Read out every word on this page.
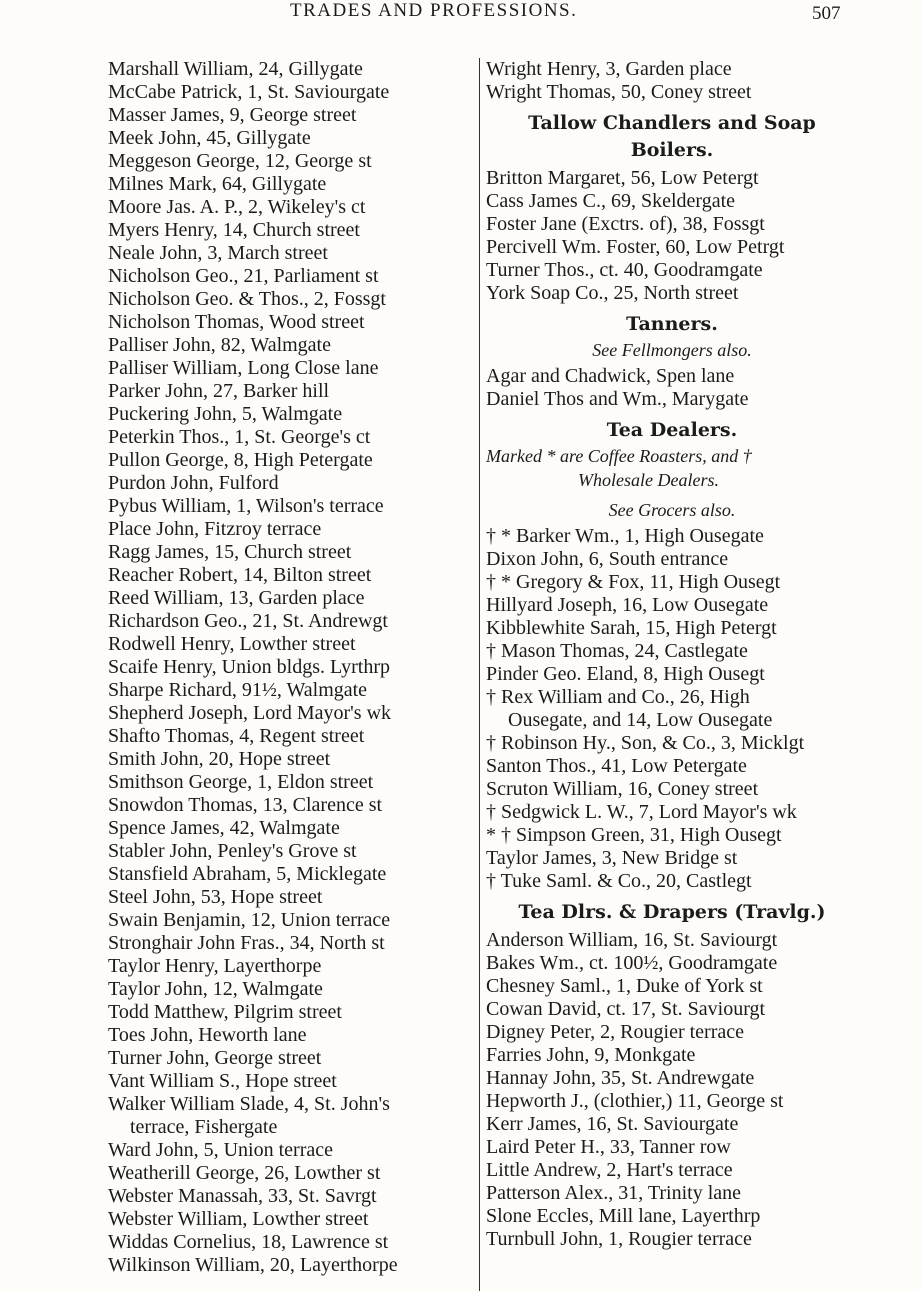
TRADES AND PROFESSIONS.	507
Marshall William, 24, Gillygate
McCabe Patrick, 1, St. Saviourgate
Masser James, 9, George street
Meek John, 45, Gillygate
Meggeson George, 12, George st
Milnes Mark, 64, Gillygate
Moore Jas. A. P., 2, Wikeley's ct
Myers Henry, 14, Church street
Neale John, 3, March street
Nicholson Geo., 21, Parliament st
Nicholson Geo. & Thos., 2, Fossgt
Nicholson Thomas, Wood street
Palliser John, 82, Walmgate
Palliser William, Long Close lane
Parker John, 27, Barker hill
Puckering John, 5, Walmgate
Peterkin Thos., 1, St. George's ct
Pullon George, 8, High Petergate
Purdon John, Fulford
Pybus William, 1, Wilson's terrace
Place John, Fitzroy terrace
Ragg James, 15, Church street
Reacher Robert, 14, Bilton street
Reed William, 13, Garden place
Richardson Geo., 21, St. Andrewgt
Rodwell Henry, Lowther street
Scaife Henry, Union bldgs. Lyrthrp
Sharpe Richard, 91½, Walmgate
Shepherd Joseph, Lord Mayor's wk
Shafto Thomas, 4, Regent street
Smith John, 20, Hope street
Smithson George, 1, Eldon street
Snowdon Thomas, 13, Clarence st
Spence James, 42, Walmgate
Stabler John, Penley's Grove st
Stansfield Abraham, 5, Micklegate
Steel John, 53, Hope street
Swain Benjamin, 12, Union terrace
Stronghair John Fras., 34, North st
Taylor Henry, Layerthorpe
Taylor John, 12, Walmgate
Todd Matthew, Pilgrim street
Toes John, Heworth lane
Turner John, George street
Vant William S., Hope street
Walker William Slade, 4, St. John's
terrace, Fishergate
Ward John, 5, Union terrace
Weatherill George, 26, Lowther st
Webster Manassah, 33, St. Savrgt
Webster William, Lowther street
Widdas Cornelius, 18, Lawrence st
Wilkinson William, 20, Layerthorpe
Wright Henry, 3, Garden place
Wright Thomas, 50, Coney street
Tallow Chandlers and Soap
Boilers.
Britton Margaret, 56, Low Petergt
Cass James C., 69, Skeldergate
Foster Jane (Exctrs. of), 38, Fossgt
Percivell Wm. Foster, 60, Low Petrgt
Turner Thos., ct. 40, Goodramgate
York Soap Co., 25, North street
Tanners.
See Fellmongers also.
Agar and Chadwick, Spen lane
Daniel Thos and Wm., Marygate
Tea Dealers.
Marked * are Coffee Roasters, and †
Wholesale Dealers.
See Grocers also.
† * Barker Wm., 1, High Ousegate
Dixon John, 6, South entrance
† * Gregory & Fox, 11, High Ousegt
Hillyard Joseph, 16, Low Ousegate
Kibblewhite Sarah, 15, High Petergt
† Mason Thomas, 24, Castlegate
Pinder Geo. Eland, 8, High Ousegt
† Rex William and Co., 26, High
Ousegate, and 14, Low Ousegate
† Robinson Hy., Son, & Co., 3, Micklgt
Santon Thos., 41, Low Petergate
Scruton William, 16, Coney street
† Sedgwick L. W., 7, Lord Mayor's wk
* † Simpson Green, 31, High Ousegt
Taylor James, 3, New Bridge st
† Tuke Saml. & Co., 20, Castlegt
Tea Dlrs. & Drapers (Travlg.)
Anderson William, 16, St. Saviourgt
Bakes Wm., ct. 100½, Goodramgate
Chesney Saml., 1, Duke of York st
Cowan David, ct. 17, St. Saviourgt
Digney Peter, 2, Rougier terrace
Farries John, 9, Monkgate
Hannay John, 35, St. Andrewgate
Hepworth J., (clothier,) 11, George st
Kerr James, 16, St. Saviourgate
Laird Peter H., 33, Tanner row
Little Andrew, 2, Hart's terrace
Patterson Alex., 31, Trinity lane
Slone Eccles, Mill lane, Layerthrp
Turnbull John, 1, Rougier terrace
